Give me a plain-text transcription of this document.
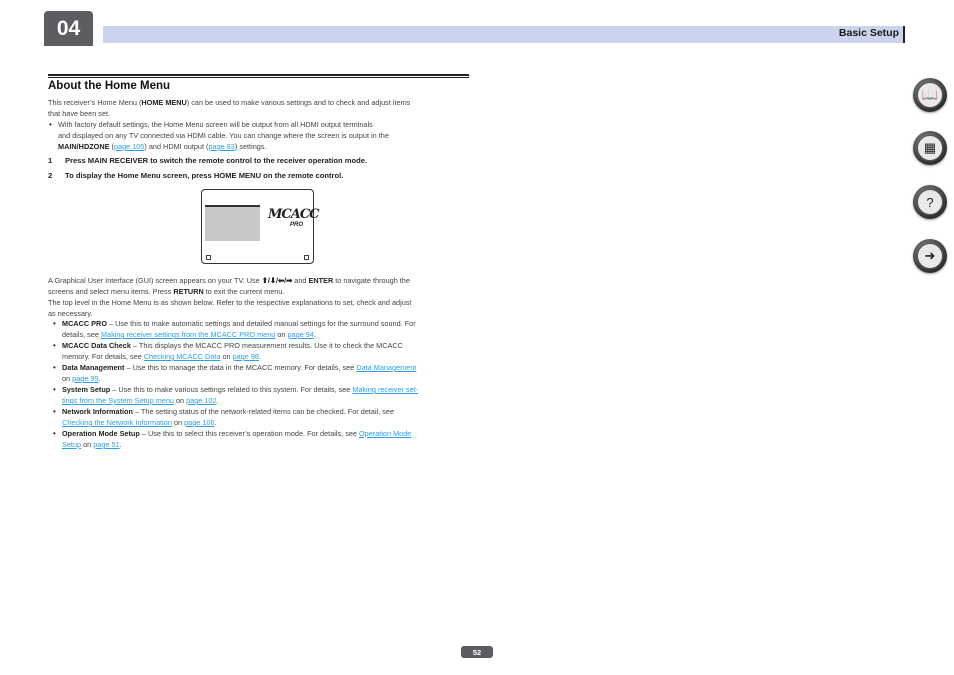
04	Basic Setup
About the Home Menu
This receiver’s Home Menu (HOME MENU) can be used to make various settings and to check and adjust items
that have been set.
• With factory default settings, the Home Menu screen will be output from all HDMI output terminals
and displayed on any TV connected via HDMI cable. You can change where the screen is output in the
MAIN/HDZONE (page 105) and HDMI output (page 83) settings.
1 Press MAIN RECEIVER to switch the remote control to the receiver operation mode.
2 To display the Home Menu screen, press HOME MENU on the remote control.
MCACC
PRO
A Graphical User Interface (GUI) screen appears on your TV. Use ⬆/⬇/⬅/➡ and ENTER to navigate through the
screens and select menu items. Press RETURN to exit the current menu.
The top level in the Home Menu is as shown below. Refer to the respective explanations to set, check and adjust
as necessary.
• MCACC PRO – Use this to make automatic settings and detailed manual settings for the surround sound. For
details, see Making receiver settings from the MCACC PRO menu on page 94.
• MCACC Data Check – This displays the MCACC PRO measurement results. Use it to check the MCACC
memory. For details, see Checking MCACC Data on page 98.
• Data Management – Use this to manage the data in the MCACC memory. For details, see Data Management
on page 99.
• System Setup – Use this to make various settings related to this system. For details, see Making receiver set-
tings from the System Setup menu on page 102.
• Network Information – The setting status of the network-related items can be checked. For detail, see
Checking the Network Information on page 106.
• Operation Mode Setup – Use this to select this receiver’s operation mode. For details, see Operation Mode
Setup on page 51.
📖
▦
?
➜
52
